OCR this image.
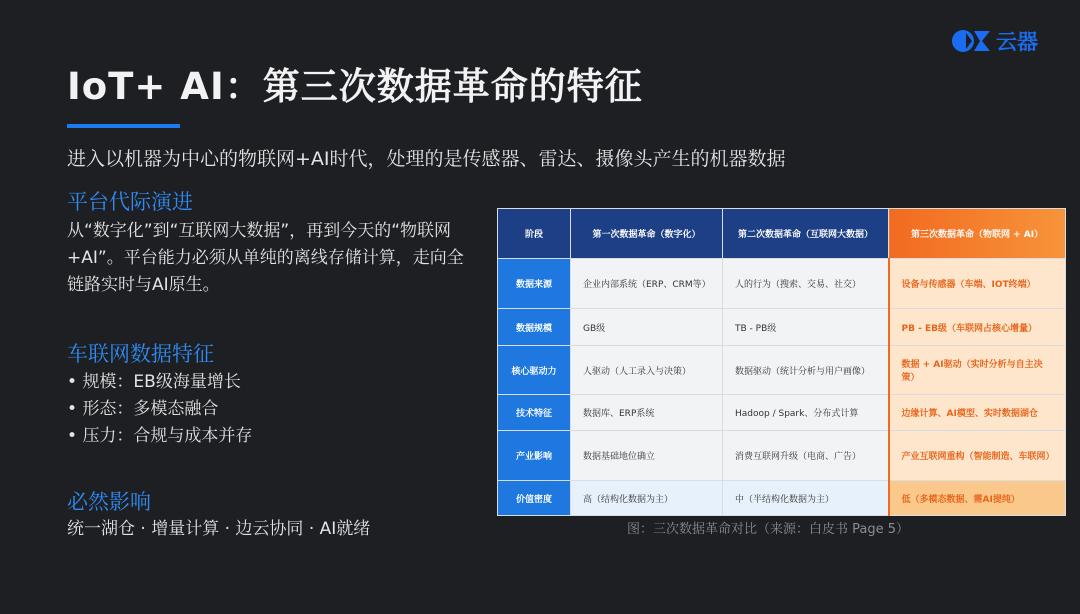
云器
IoT+ AI：第三次数据革命的特征
进入以机器为中心的物联网+AI时代，处理的是传感器、雷达、摄像头产生的机器数据
平台代际演进
从“数字化”到“互联网大数据”，再到今天的“物联网+AI”。平台能力必须从单纯的离线存储计算，走向全链路实时与AI原生。
车联网数据特征
• 规模：EB级海量增长
• 形态：多模态融合
• 压力：合规与成本并存
必然影响
统一湖仓 · 增量计算 · 边云协同 · AI就绪
阶段	第一次数据革命（数字化）	第二次数据革命（互联网大数据）	第三次数据革命（物联网 + AI）
数据来源	企业内部系统（ERP、CRM等）	人的行为（搜索、交易、社交）	设备与传感器（车端、IOT终端）
数据规模	GB级	TB - PB级	PB - EB级（车联网占核心增量）
核心驱动力	人驱动（人工录入与决策）	数据驱动（统计分析与用户画像）	数据 + AI驱动（实时分析与自主决策）
技术特征	数据库、ERP系统	Hadoop / Spark、分布式计算	边缘计算、AI模型、实时数据湖仓
产业影响	数据基础地位确立	消费互联网升级（电商、广告）	产业互联网重构（智能制造、车联网）
价值密度	高（结构化数据为主）	中（半结构化数据为主）	低（多模态数据、需AI提纯）
图：三次数据革命对比（来源：白皮书 Page 5）
